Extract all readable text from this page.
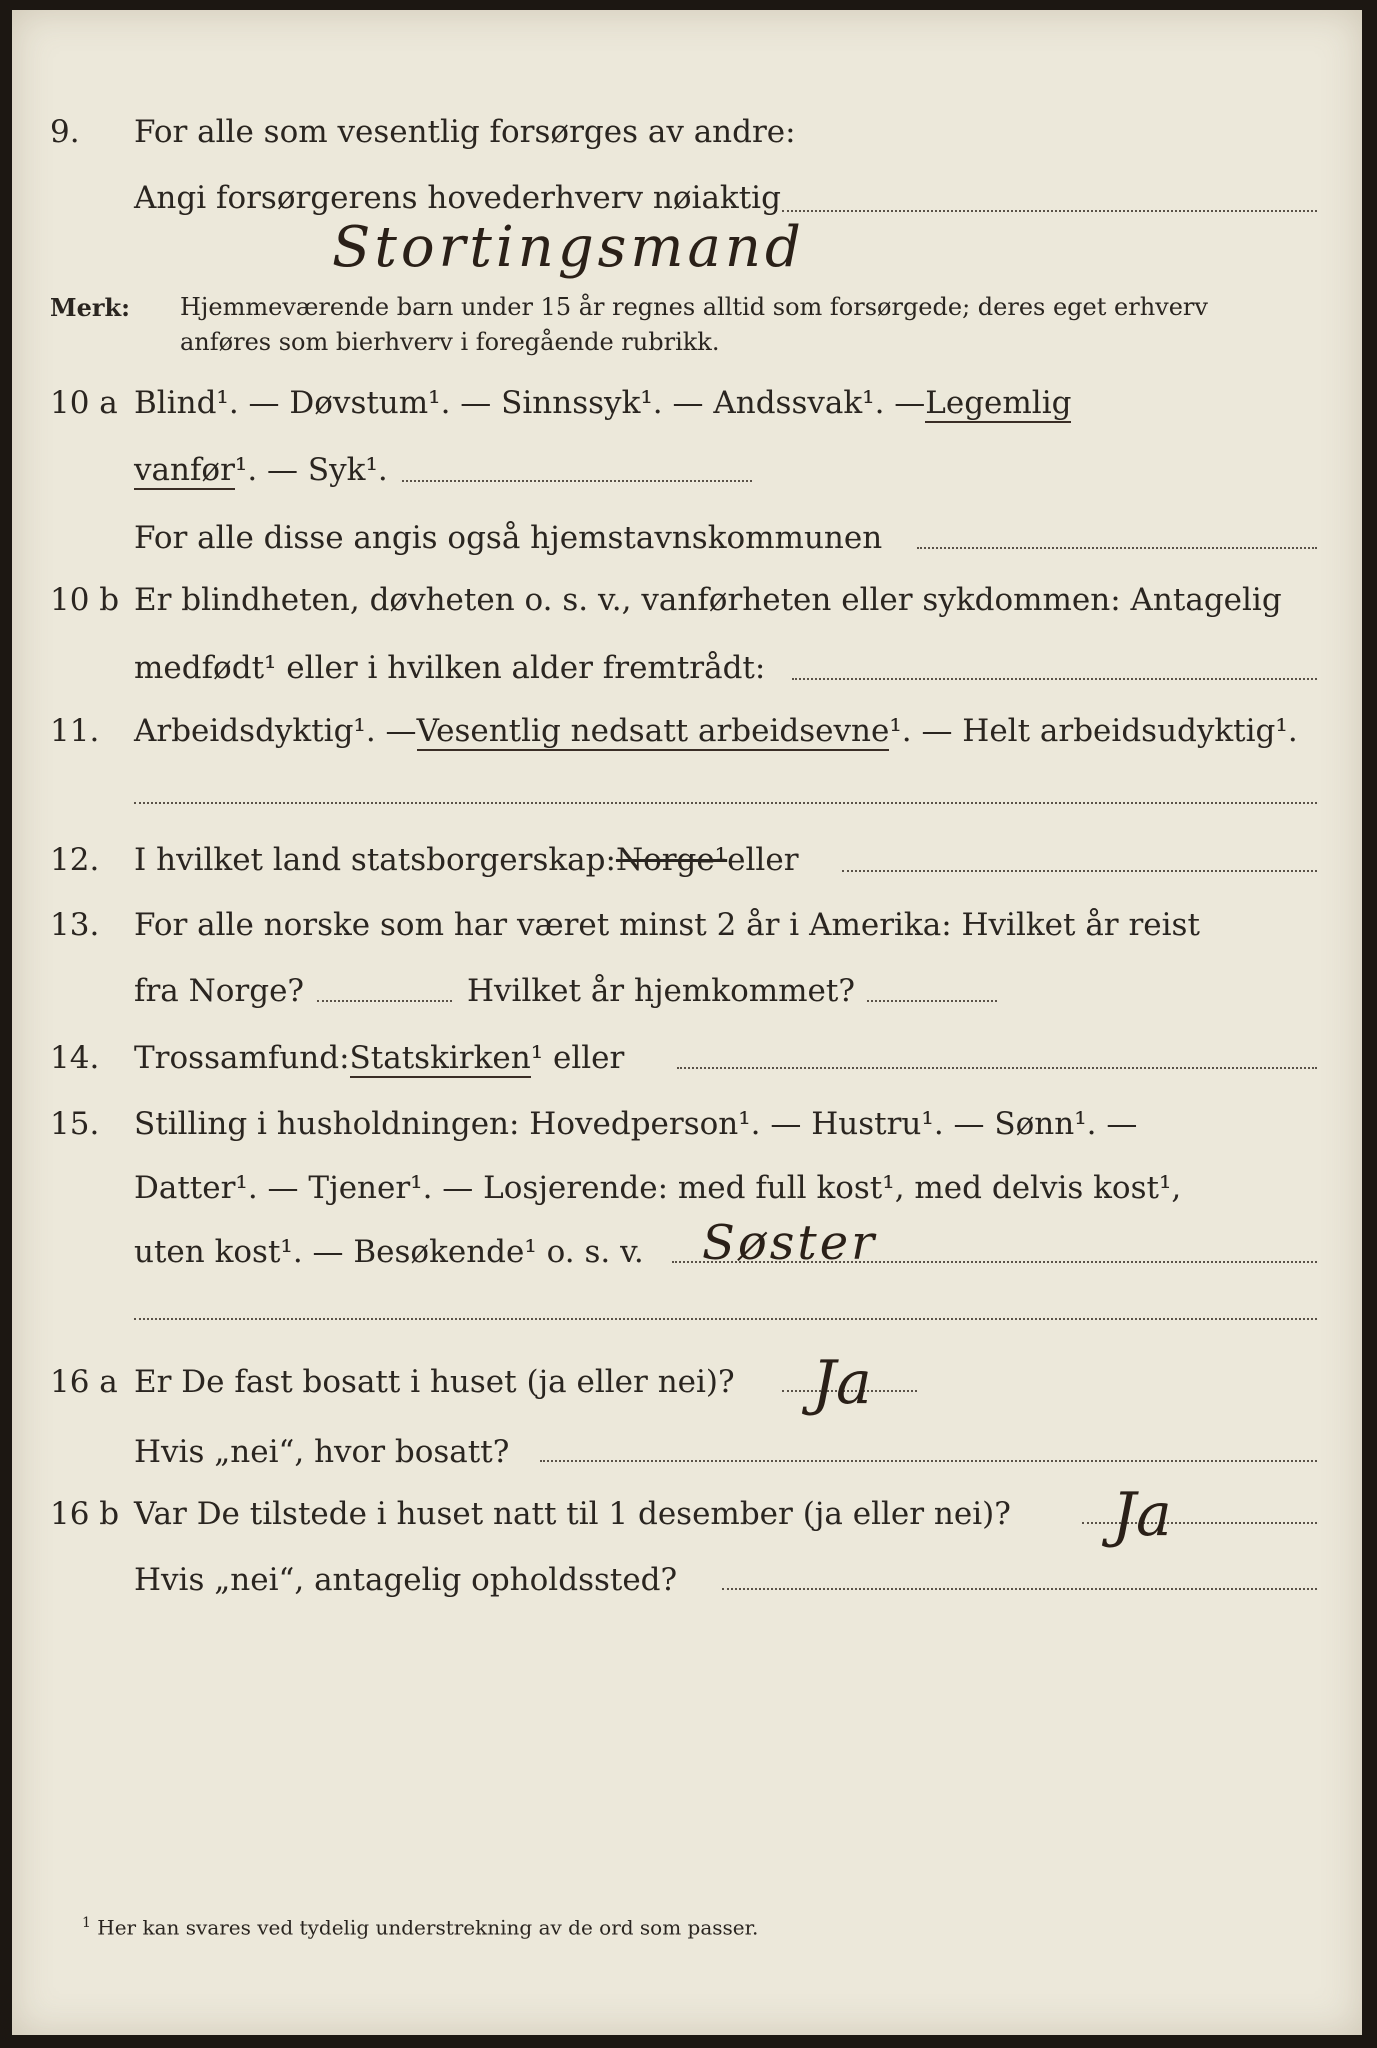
9. For alle som vesentlig forsørges av andre:
Angi forsørgerens hovederhverv nøiaktig
Stortingsmand
Merk: Hjemmeværende barn under 15 år regnes alltid som forsørgede; deres eget erhverv
anføres som bierhverv i foregående rubrikk.
10 a Blind¹. — Døvstum¹. — Sinnssyk¹. — Andssvak¹. — Legemlig
vanfør ¹. — Syk¹.
For alle disse angis også hjemstavnskommunen
10 b Er blindheten, døvheten o. s. v., vanførheten eller sykdommen: Antagelig
medfødt¹ eller i hvilken alder fremtrådt:
11. Arbeidsdyktig¹. — Vesentlig nedsatt arbeidsevne ¹. — Helt arbeidsudyktig¹.
12. I hvilket land statsborgerskap: Norge¹ eller
13. For alle norske som har været minst 2 år i Amerika: Hvilket år reist
fra Norge?	Hvilket år hjemkommet?
14. Trossamfund: Statskirken ¹ eller
15. Stilling i husholdningen: Hovedperson¹. — Hustru¹. — Sønn¹. —
Datter¹. — Tjener¹. — Losjerende: med full kost¹, med delvis kost¹,
uten kost¹. — Besøkende¹ o. s. v. Søster
16 a Er De fast bosatt i huset (ja eller nei)?
Hvis „nei“, hvor bosatt?
Ja
16 b Var De tilstede i huset natt til 1 desember (ja eller nei)?
Hvis „nei“, antagelig opholdssted?
Ja
$^1$ Her kan svares ved tydelig understrekning av de ord som passer.
